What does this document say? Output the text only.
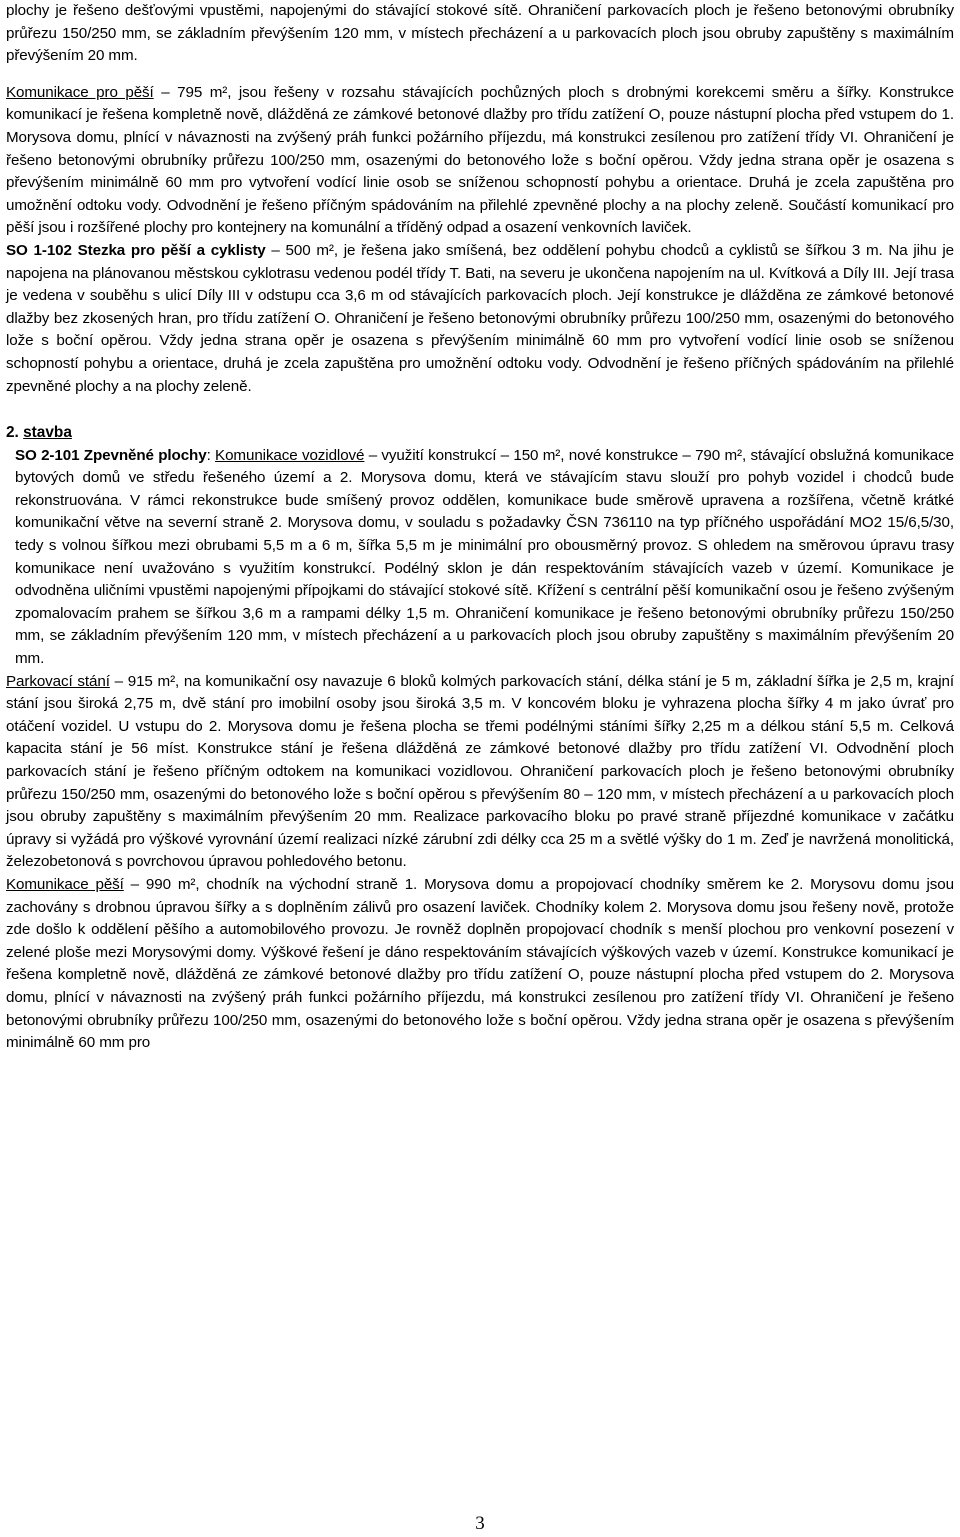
plochy je řešeno dešťovými vpustěmi, napojenými do stávající stokové sítě. Ohraničení parkovacích ploch je řešeno betonovými obrubníky průřezu 150/250 mm, se základním převýšením 120 mm, v místech přecházení a u parkovacích ploch jsou obruby zapuštěny s maximálním převýšením 20 mm.

Komunikace pro pěší – 795 m², jsou řešeny v rozsahu stávajících pochůzných ploch s drobnými korekcemi směru a šířky. Konstrukce komunikací je řešena kompletně nově, dlážděná ze zámkové betonové dlažby pro třídu zatížení O, pouze nástupní plocha před vstupem do 1. Morysova domu, plnící v návaznosti na zvýšený práh funkci požárního příjezdu, má konstrukci zesílenou pro zatížení třídy VI. Ohraničení je řešeno betonovými obrubníky průřezu 100/250 mm, osazenými do betonového lože s boční opěrou. Vždy jedna strana opěr je osazena s převýšením minimálně 60 mm pro vytvoření vodící linie osob se sníženou schopností pohybu a orientace. Druhá je zcela zapuštěna pro umožnění odtoku vody. Odvodnění je řešeno příčným spádováním na přilehlé zpevněné plochy a na plochy zeleně. Součástí komunikací pro pěší jsou i rozšířené plochy pro kontejnery na komunální a tříděný odpad a osazení venkovních laviček.

SO 1-102 Stezka pro pěší a cyklisty – 500 m², je řešena jako smíšená, bez oddělení pohybu chodců a cyklistů se šířkou 3 m. Na jihu je napojena na plánovanou městskou cyklotrasu vedenou podél třídy T. Bati, na severu je ukončena napojením na ul. Kvítková a Díly III. Její trasa je vedena v souběhu s ulicí Díly III v odstupu cca 3,6 m od stávajících parkovacích ploch. Její konstrukce je dlážděna ze zámkové betonové dlažby bez zkosených hran, pro třídu zatížení O. Ohraničení je řešeno betonovými obrubníky průřezu 100/250 mm, osazenými do betonového lože s boční opěrou. Vždy jedna strana opěr je osazena s převýšením minimálně 60 mm pro vytvoření vodící linie osob se sníženou schopností pohybu a orientace, druhá je zcela zapuštěna pro umožnění odtoku vody. Odvodnění je řešeno příčných spádováním na přilehlé zpevněné plochy a na plochy zeleně.

2. stavba

SO 2-101 Zpevněné plochy: Komunikace vozidlové – využití konstrukcí – 150 m², nové konstrukce – 790 m², stávající obslužná komunikace bytových domů ve středu řešeného území a 2. Morysova domu, která ve stávajícím stavu slouží pro pohyb vozidel i chodců bude rekonstruována. V rámci rekonstrukce bude smíšený provoz oddělen, komunikace bude směrově upravena a rozšířena, včetně krátké komunikační větve na severní straně 2. Morysova domu, v souladu s požadavky ČSN 736110 na typ příčného uspořádání MO2 15/6,5/30, tedy s volnou šířkou mezi obrubami 5,5 m a 6 m, šířka 5,5 m je minimální pro obousměrný provoz. S ohledem na směrovou úpravu trasy komunikace není uvažováno s využitím konstrukcí. Podélný sklon je dán respektováním stávajících vazeb v území. Komunikace je odvodněna uličními vpustěmi napojenými přípojkami do stávající stokové sítě. Křížení s centrální pěší komunikační osou je řešeno zvýšeným zpomalovacím prahem se šířkou 3,6 m a rampami délky 1,5 m. Ohraničení komunikace je řešeno betonovými obrubníky průřezu 150/250 mm, se základním převýšením 120 mm, v místech přecházení a u parkovacích ploch jsou obruby zapuštěny s maximálním převýšením 20 mm.

Parkovací stání – 915 m², na komunikační osy navazuje 6 bloků kolmých parkovacích stání, délka stání je 5 m, základní šířka je 2,5 m, krajní stání jsou široká 2,75 m, dvě stání pro imobilní osoby jsou široká 3,5 m. V koncovém bloku je vyhrazena plocha šířky 4 m jako úvrať pro otáčení vozidel. U vstupu do 2. Morysova domu je řešena plocha se třemi podélnými stáními šířky 2,25 m a délkou stání 5,5 m. Celková kapacita stání je 56 míst. Konstrukce stání je řešena dlážděná ze zámkové betonové dlažby pro třídu zatížení VI. Odvodnění ploch parkovacích stání je řešeno příčným odtokem na komunikaci vozidlovou. Ohraničení parkovacích ploch je řešeno betonovými obrubníky průřezu 150/250 mm, osazenými do betonového lože s boční opěrou s převýšením 80 – 120 mm, v místech přecházení a u parkovacích ploch jsou obruby zapuštěny s maximálním převýšením 20 mm. Realizace parkovacího bloku po pravé straně příjezdné komunikace v začátku úpravy si vyžádá pro výškové vyrovnání území realizaci nízké zárubní zdi délky cca 25 m a světlé výšky do 1 m. Zeď je navržená monolitická, železobetonová s povrchovou úpravou pohledového betonu.

Komunikace pěší – 990 m², chodník na východní straně 1. Morysova domu a propojovací chodníky směrem ke 2. Morysovu domu jsou zachovány s drobnou úpravou šířky a s doplněním zálivů pro osazení laviček. Chodníky kolem 2. Morysova domu jsou řešeny nově, protože zde došlo k oddělení pěšího a automobilového provozu. Je rovněž doplněn propojovací chodník s menší plochou pro venkovní posezení v zelené ploše mezi Morysovými domy. Výškové řešení je dáno respektováním stávajících výškových vazeb v území. Konstrukce komunikací je řešena kompletně nově, dlážděná ze zámkové betonové dlažby pro třídu zatížení O, pouze nástupní plocha před vstupem do 2. Morysova domu, plnící v návaznosti na zvýšený práh funkci požárního příjezdu, má konstrukci zesílenou pro zatížení třídy VI. Ohraničení je řešeno betonovými obrubníky průřezu 100/250 mm, osazenými do betonového lože s boční opěrou. Vždy jedna strana opěr je osazena s převýšením minimálně 60 mm pro

3
